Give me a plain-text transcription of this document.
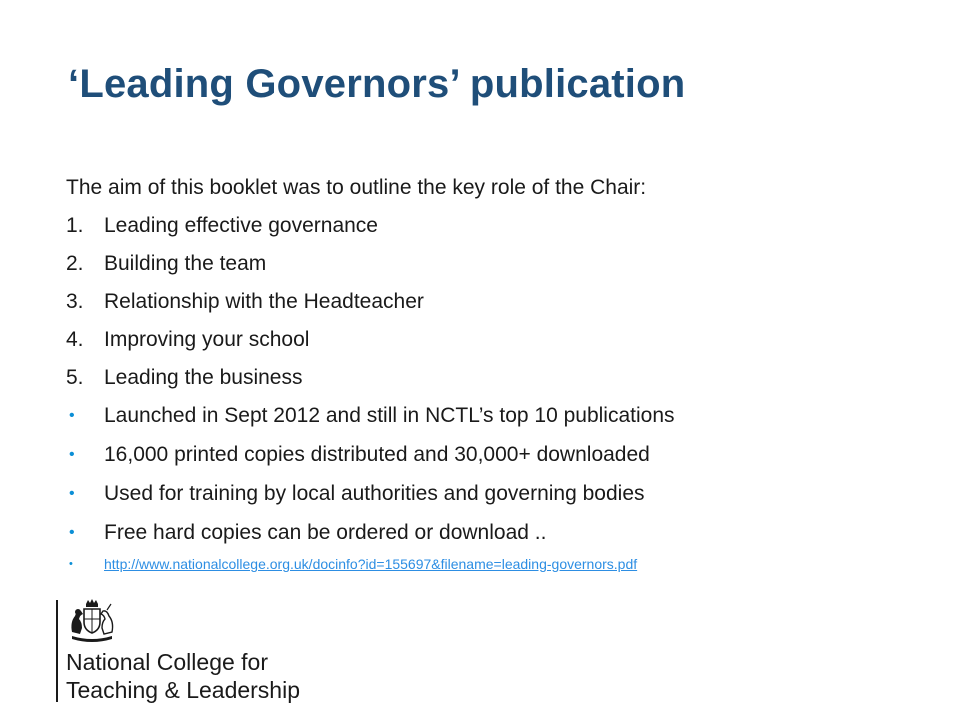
‘Leading Governors’ publication

The aim of this booklet was to outline the key role of the Chair:

1. Leading effective governance
2. Building the team
3. Relationship with the Headteacher
4. Improving your school
5. Leading the business
• Launched in Sept 2012 and still in NCTL’s top 10 publications
• 16,000 printed copies distributed and 30,000+ downloaded
• Used for training by local authorities and governing bodies
• Free hard copies can be ordered or download ..
• http://www.nationalcollege.org.uk/docinfo?id=155697&filename=leading-governors.pdf
National College for
Teaching & Leadership
